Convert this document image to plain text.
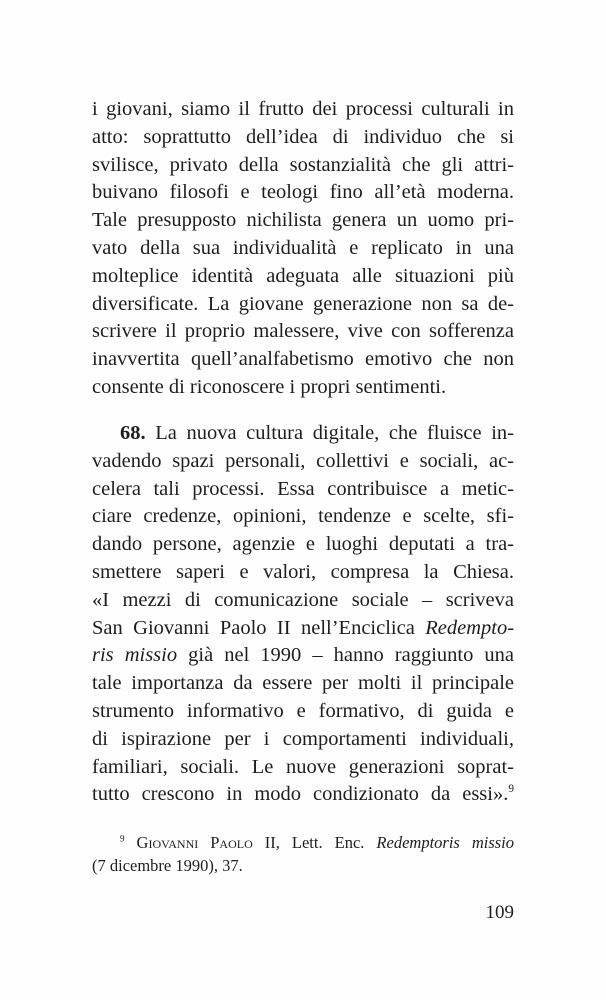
i giovani, siamo il frutto dei processi culturali in
atto: soprattutto dell’idea di individuo che si
svilisce, privato della sostanzialità che gli attri-
buivano filosofi e teologi fino all’età moderna.
Tale presupposto nichilista genera un uomo pri-
vato della sua individualità e replicato in una
molteplice identità adeguata alle situazioni più
diversificate. La giovane generazione non sa de-
scrivere il proprio malessere, vive con sofferenza
inavvertita quell’analfabetismo emotivo che non
consente di riconoscere i propri sentimenti.
68. La nuova cultura digitale, che fluisce in-
vadendo spazi personali, collettivi e sociali, ac-
celera tali processi. Essa contribuisce a metic-
ciare credenze, opinioni, tendenze e scelte, sfi-
dando persone, agenzie e luoghi deputati a tra-
smettere saperi e valori, compresa la Chiesa.
«I mezzi di comunicazione sociale – scriveva
San Giovanni Paolo II nell’Enciclica Redempto-
ris missio già nel 1990 – hanno raggiunto una
tale importanza da essere per molti il principale
strumento informativo e formativo, di guida e
di ispirazione per i comportamenti individuali,
familiari, sociali. Le nuove generazioni soprat-
tutto crescono in modo condizionato da essi».$^9$
$^9$ Giovanni Paolo II, Lett. Enc. Redemptoris missio
(7 dicembre 1990), 37.
109
